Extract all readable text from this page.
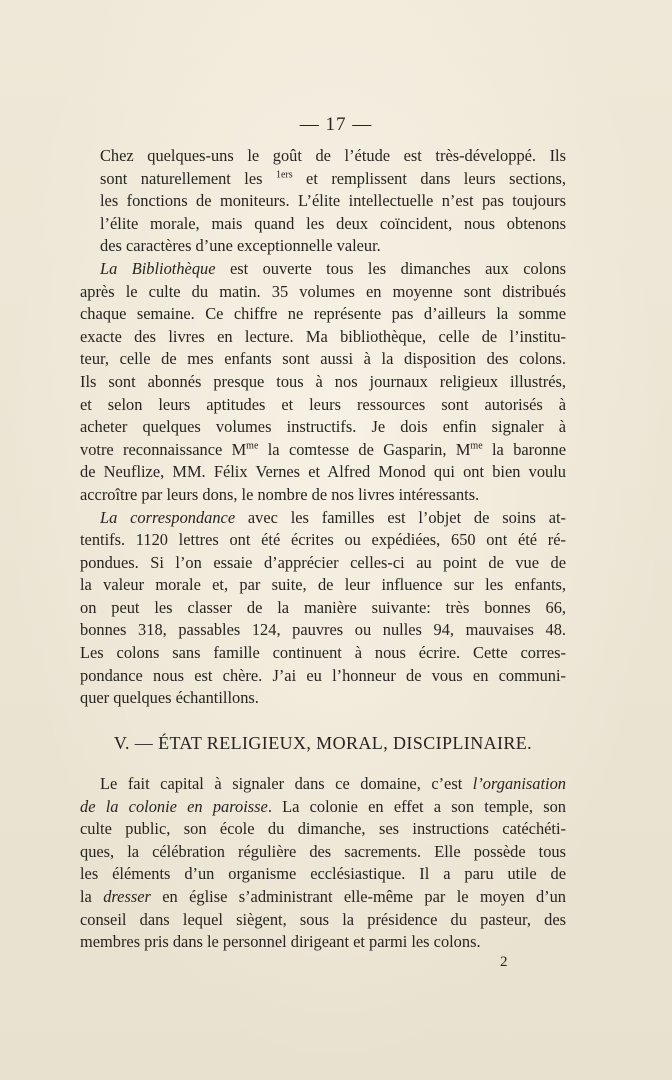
— 17 —

Chez quelques-uns le goût de l’étude est très-développé. Ils
sont naturellement les $^{1ers}$ et remplissent dans leurs sections,
les fonctions de moniteurs. L’élite intellectuelle n’est pas toujours
l’élite morale, mais quand les deux coïncident, nous obtenons
des caractères d’une exceptionnelle valeur.

La Bibliothèque est ouverte tous les dimanches aux colons
après le culte du matin. 35 volumes en moyenne sont distribués
chaque semaine. Ce chiffre ne représente pas d’ailleurs la somme
exacte des livres en lecture. Ma bibliothèque, celle de l’institu-
teur, celle de mes enfants sont aussi à la disposition des colons.
Ils sont abonnés presque tous à nos journaux religieux illustrés,
et selon leurs aptitudes et leurs ressources sont autorisés à
acheter quelques volumes instructifs. Je dois enfin signaler à
votre reconnaissance $M^{me}$ la comtesse de Gasparin, $M^{me}$ la baronne
de Neuflize, MM. Félix Vernes et Alfred Monod qui ont bien voulu
accroître par leurs dons, le nombre de nos livres intéressants.

La correspondance avec les familles est l’objet de soins at-
tentifs. 1120 lettres ont été écrites ou expédiées, 650 ont été ré-
pondues. Si l’on essaie d’apprécier celles-ci au point de vue de
la valeur morale et, par suite, de leur influence sur les enfants,
on peut les classer de la manière suivante: très bonnes 66,
bonnes 318, passables 124, pauvres ou nulles 94, mauvaises 48.
Les colons sans famille continuent à nous écrire. Cette corres-
pondance nous est chère. J’ai eu l’honneur de vous en communi-
quer quelques échantillons.

V. — ÉTAT RELIGIEUX, MORAL, DISCIPLINAIRE.

Le fait capital à signaler dans ce domaine, c’est l’organisation
de la colonie en paroisse. La colonie en effet a son temple, son
culte public, son école du dimanche, ses instructions catéchéti-
ques, la célébration régulière des sacrements. Elle possède tous
les éléments d’un organisme ecclésiastique. Il a paru utile de
la dresser en église s’administrant elle-même par le moyen d’un
conseil dans lequel siègent, sous la présidence du pasteur, des
membres pris dans le personnel dirigeant et parmi les colons.

2
